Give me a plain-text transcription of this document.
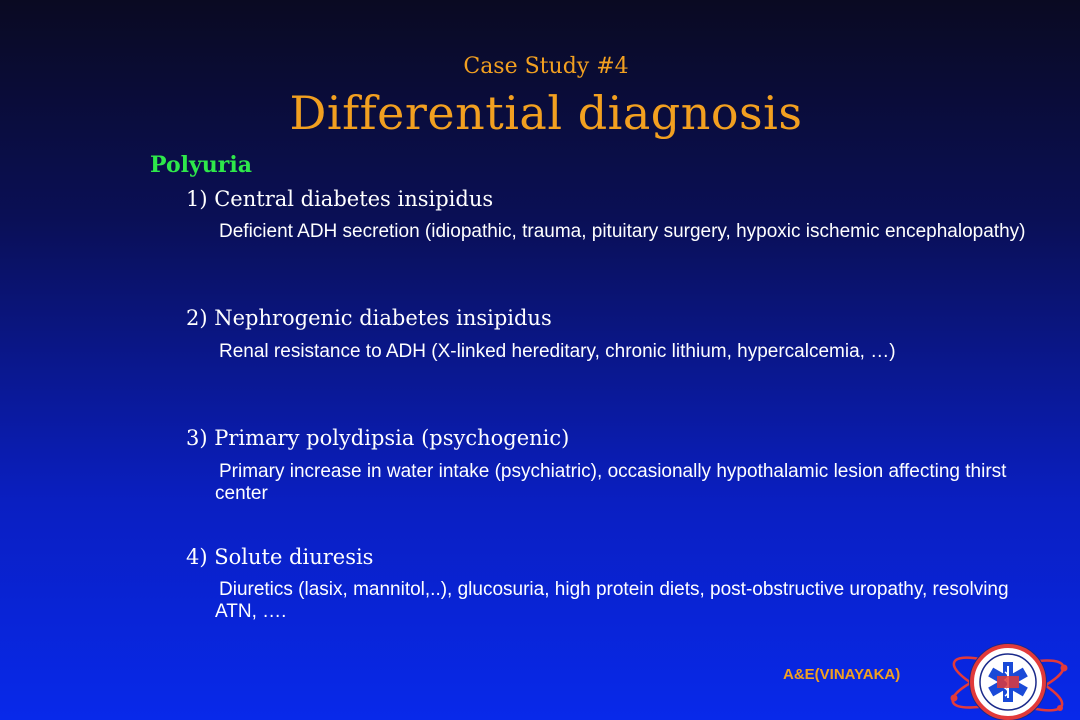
Case Study #4
Differential diagnosis
Polyuria
1) Central diabetes insipidus
Deficient ADH secretion (idiopathic, trauma, pituitary surgery, hypoxic ischemic encephalopathy)
2) Nephrogenic diabetes insipidus
Renal resistance to ADH (X-linked hereditary, chronic lithium, hypercalcemia, …)
3) Primary polydipsia (psychogenic)
Primary increase in water intake (psychiatric), occasionally hypothalamic lesion affecting thirst center
4) Solute diuresis
Diuretics (lasix, mannitol,..), glucosuria, high protein diets, post-obstructive uropathy, resolving ATN, ….
A&E(VINAYAKA)
